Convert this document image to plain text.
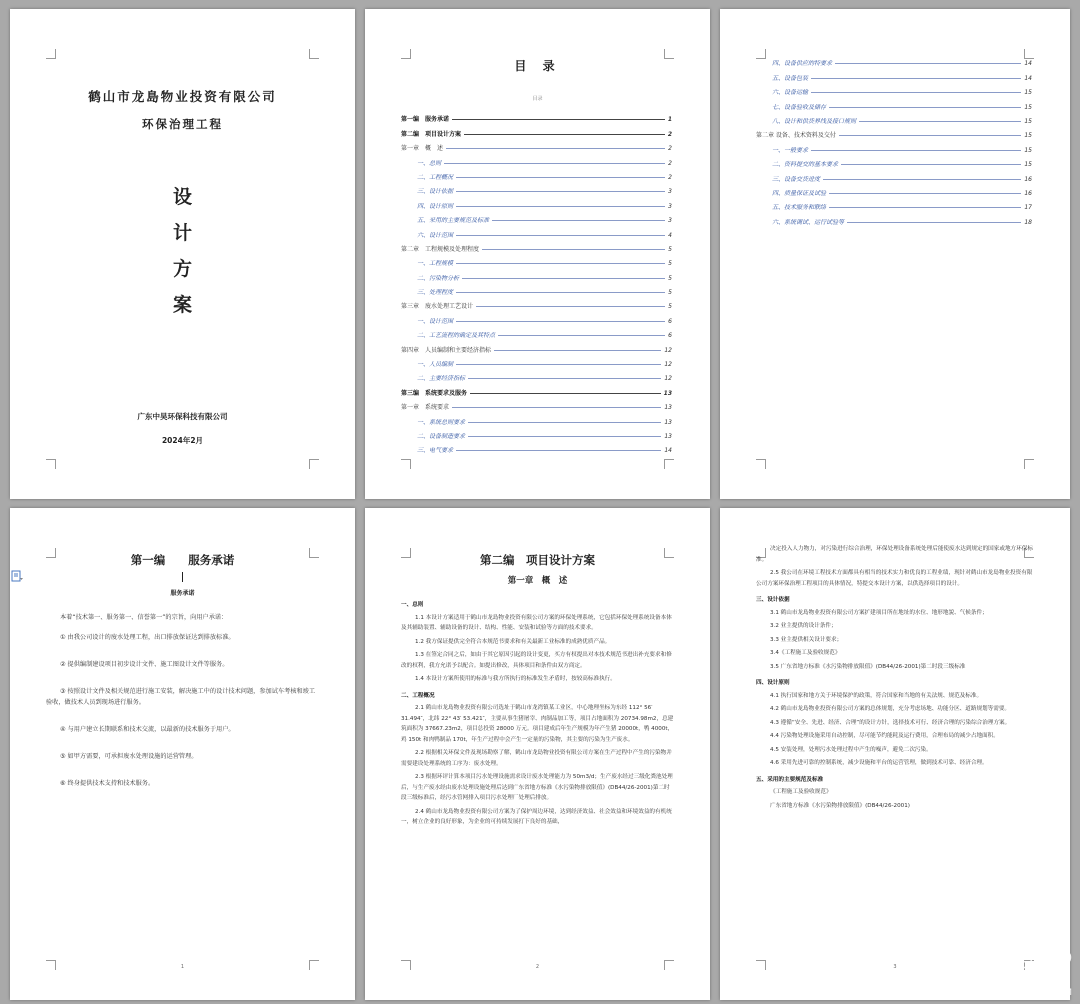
鹤山市龙島物业投资有限公司
环保治理工程
设
计
方
案
广东中昊环保科技有限公司
2024年2月
目 录
目录
第一编　服务承诺	1
第二编　项目设计方案	2
第一章　概　述	2
一、总则	2
二、工程概况	2
三、设计依据	3
四、设计原则	3
五、采用的主要规范及标准	3
六、设计范围	4
第二章　工程规模及处理程度	5
一、工程规模	5
二、污染物分析	5
三、处理程度	5
第三章　废水处理工艺设计	5
一、设计范围	6
二、工艺流程的确定及其特点	6
第四章　人员编制和主要经济指标	12
一、人员编制	12
二、主要经济指标	12
第三编　系统要求及服务	13
第一章　系统要求	13
一、系统总则要求	13
二、设备制造要求	13
三、电气要求	14
四、设备供应的特要求	14
五、设备包装	14
六、设备运输	15
七、设备验收及储存	15
八、设计和供货界线及接口规则	15
第二章 设备、技术资料及交付	15
一、一般要求	15
二、资料提交的基本要求	15
三、设备交货进度	16
四、质量保证及试验	16
五、技术服务和联络	17
六、系统调试、运行试验等	18
第一编　　服务承诺
服务承诺

本着“技术第一、服务第一、信誉第一”的宗旨，向用户承诺：

① 由我公司设计的废水处理工程，出口排放保证达到排放标准。

② 提供编制建设项目初步设计文件、施工图设计文件等服务。

③ 按照设计文件及相关规范进行施工安装，解决施工中的设计技术问题，参加试车考核和竣工验收，做技术人员到现场进行服务。

④ 与用户建立长期联系和技术交流，以最新的技术服务于用户。

⑤ 如甲方需要，可承担废水处理设施的运营管理。

⑥ 终身提供技术支持和技术服务。

1
第二编　项目设计方案
第一章　概　述
一、总则

1.1 本设计方案适用于鹤山市龙島物业投资有限公司方案的环保处理系统，它包括环保处理系统设备本体及其辅助装置、辅助设备的设计、结构、性能、安装和试验等方面的技术要求。

1.2 我方保证提供完全符合本规范书要求和有关最新工业标准的成熟优质产品。

1.3 在签定合同之后，如由于其它原因引起的设计变更，买方有权提出对本技术规范书进出补充要求和修改的权利，我方允诺予以配合。如提出修改，具体项目和条件由双方商定。

1.4 本设计方案所使用的标准与我方所执行的标准发生矛盾时，按较高标准执行。

二、工程概况

2.1 鹤山市龙島物业投资有限公司选址于鹤山市龙湾镇某工业区，中心地理坐标为东经 112° 56′ 31.494″，北纬 22° 43′ 53.421″，主要从事生猪屠宰、肉制品加工等，项目占地面积为 20734.98m2，总建筑面积为 37667.23m2，项目总投资 28000 万元。项目建成后年生产规模为年产生猪 20000t，鸭 4000t，鸡 150t 和肉鸭制品 170t，年生产过程中会产生一定量的污染物，其主要的污染为生产废水。

2.2 根据相关环保文件及现场勘察了解，鹤山市龙島物业投资有限公司方案在生产过程中产生的污染物并需要建设处理系统的工序为：废水处理。

2.3 根据环评计算本项目污水处理设施需求设计废水处理能力为 50m3/d；生产废水经过三级化粪池处理后，与生产废水经由废水处理设施处理后达到广东省地方标准《水污染物排放限值》(DB44/26-2001)第二时段三级标准后，经污水管网排入项目污水处理厂处理后排放。

2.4 鹤山市龙島物业投资有限公司方案为了保护周边环境，达到经济效益、社会效益和环境效益的有机统一，树立企业的良好形象，为企业的可持续发展打下良好的基础，

2

决定投入人力物力，对污染进行综合治理，环保处理设备系统处理后能使废水达到规定的国家或地方环保标准。

2.5 我公司在环境工程技术方面都具有相当的技术实力和优良的工程业绩，现针对鹤山市龙島物业投资有限公司方案环保治理工程项目的具体情况，特提交本设计方案，以供选择项目的设计。

三、设计依据

3.1 鹤山市龙島物业投资有限公司方案扩建项目所在地址的水位、地形地貌、气候条件；

3.2 业主提供的设计条件；

3.3 业主提供相关设计要求；

3.4《工程施工及验收规范》

3.5 广东省地方标准《水污染物排放限值》(DB44/26-2001)第二时段三级标准

四、设计原则

4.1 执行国家和地方关于环境保护的政策，符合国家和当地的有关法规、规范及标准。

4.2 鹤山市龙島物业投资有限公司方案的总体规划，充分考虑场地、功能分区、道路规划等需要。

4.3 遵循“安全、先进、经济、合理”的设计方针，选择技术可行、经济合理的污染综合治理方案。

4.4 污染物处理设施采用自动控制，尽可能节约能耗及运行费用，合理布局的减少占地面积。

4.5 安装处理，处理污水处理过程中产生的噪声，避免二次污染。

4.6 采用先进可靠的控制系统，减少设施和平台的运营管理，做到技术可靠、经济合理。

五、采用的主要规范及标准

《工程施工及验收规范》

广东省地方标准《水污染物排放限值》(DB44/26-2001)

3	25HB
爱我 环 保 学 社·COM
